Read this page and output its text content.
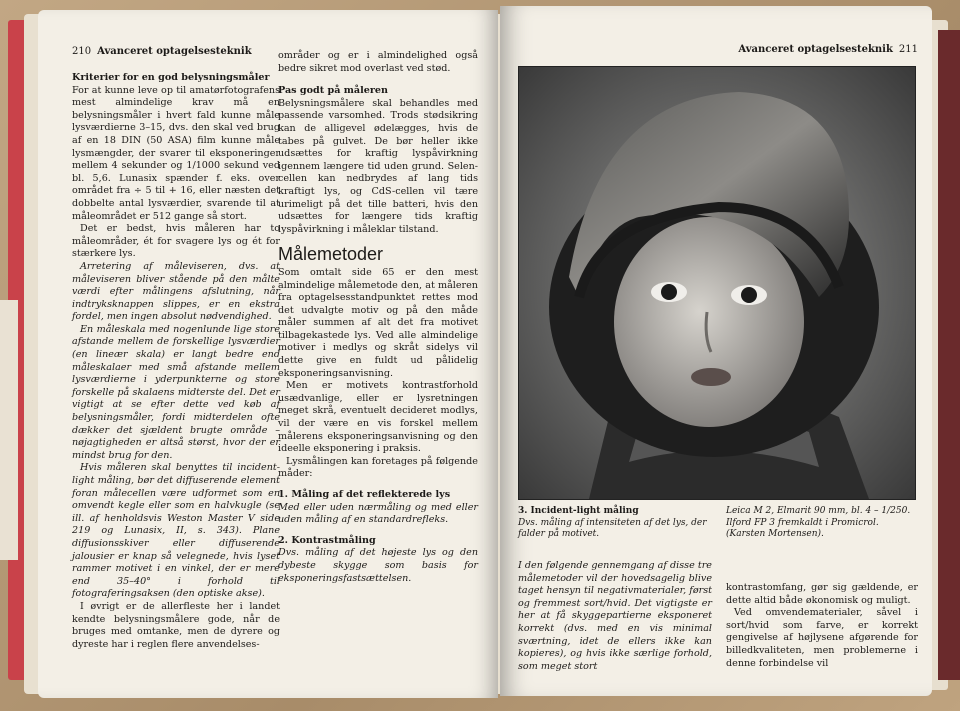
210 Avanceret optagelsesteknik

Kriterier for en god belysningsmåler

For at kunne leve op til amatørfotografens mest almindelige krav må en belysningsmåler i hvert fald kunne måle lysværdierne 3–15, dvs. den skal ved brug af en 18 DIN (50 ASA) film kunne måle lysmængder, der svarer til eksponeringer mellem 4 sekunder og 1/1000 sekund ved bl. 5,6. Lunasix spænder f. eks. over området fra ÷ 5 til + 16, eller næsten det dobbelte antal lysværdier, svarende til at måleområdet er 512 gange så stort.

Det er bedst, hvis måleren har to måleområder, ét for svagere lys og ét for stærkere lys.

Arretering af måleviseren, dvs. at måleviseren bliver stående på den målte værdi efter målingens afslutning, når indtryksknappen slippes, er en ekstra fordel, men ingen absolut nødvendighed.

En måleskala med nogenlunde lige store afstande mellem de forskellige lysværdier (en lineær skala) er langt bedre end måleskalaer med små afstande mellem lysværdierne i yderpunkterne og store forskelle på skalaens midterste del. Det er vigtigt at se efter dette ved køb af belysningsmåler, fordi midterdelen ofte dækker det sjældent brugte område – nøjagtigheden er altså størst, hvor der er mindst brug for den.

Hvis måleren skal benyttes til incident-light måling, bør det diffuserende element foran målecellen være udformet som en omvendt kegle eller som en halvkugle (se ill. af henholdsvis Weston Master V side 219 og Lunasix, II, s. 343). Plane diffusionsskiver eller diffuserende jalousier er knap så velegnede, hvis lyset rammer motivet i en vinkel, der er mere end 35–40° i forhold til fotograferingsaksen (den optiske akse).

I øvrigt er de allerfleste her i landet kendte belysningsmålere gode, når de bruges med omtanke, men de dyrere og dyreste har i reglen flere anvendelses-

områder og er i almindelighed også bedre sikret mod overlast ved stød.

Pas godt på måleren

Belysningsmålere skal behandles med passende varsomhed. Trods stødsikring kan de alligevel ødelægges, hvis de tabes på gulvet. De bør heller ikke udsættes for kraftig lyspåvirkning igennem længere tid uden grund. Selen-cellen kan nedbrydes af lang tids kraftigt lys, og CdS-cellen vil tære urimeligt på det tille batteri, hvis den udsættes for længere tids kraftig lyspåvirkning i måleklar tilstand.

Målemetoder

Som omtalt side 65 er den mest almindelige målemetode den, at måleren fra optagelsesstandpunktet rettes mod det udvalgte motiv og på den måde måler summen af alt det fra motivet tilbagekastede lys. Ved alle almindelige motiver i medlys og skråt sidelys vil dette give en fuldt ud pålidelig eksponeringsanvisning.

Men er motivets kontrastforhold usædvanlige, eller er lysretningen meget skrå, eventuelt decideret modlys, vil der være en vis forskel mellem målerens eksponeringsanvisning og den ideelle eksponering i praksis.

Lysmålingen kan foretages på følgende måder:

1. Måling af det reflekterede lys

Med eller uden nærmåling og med eller uden måling af en standardrefleks.

2. Kontrastmåling

Dvs. måling af det højeste lys og den dybeste skygge som basis for eksponeringsfastsættelsen.

Avanceret optagelsesteknik 211
3. Incident-light måling
Dvs. måling af intensiteten af det lys, der falder på motivet.
Leica M 2, Elmarit 90 mm, bl. 4 – 1/250. Ilford FP 3 fremkaldt i Promicrol. (Karsten Mortensen).
I den følgende gennemgang af disse tre målemetoder vil der hovedsagelig blive taget hensyn til negativmaterialer, først og fremmest sort/hvid. Det vigtigste er her at få skyggepartierne eksponeret korrekt (dvs. med en vis minimal sværtning, idet de ellers ikke kan kopieres), og hvis ikke særlige forhold, som meget stort

kontrastomfang, gør sig gældende, er dette altid både økonomisk og muligt.

Ved omvendematerialer, såvel i sort/hvid som farve, er korrekt gengivelse af højlysene afgørende for billedkvaliteten, men problemerne i denne forbindelse vil
